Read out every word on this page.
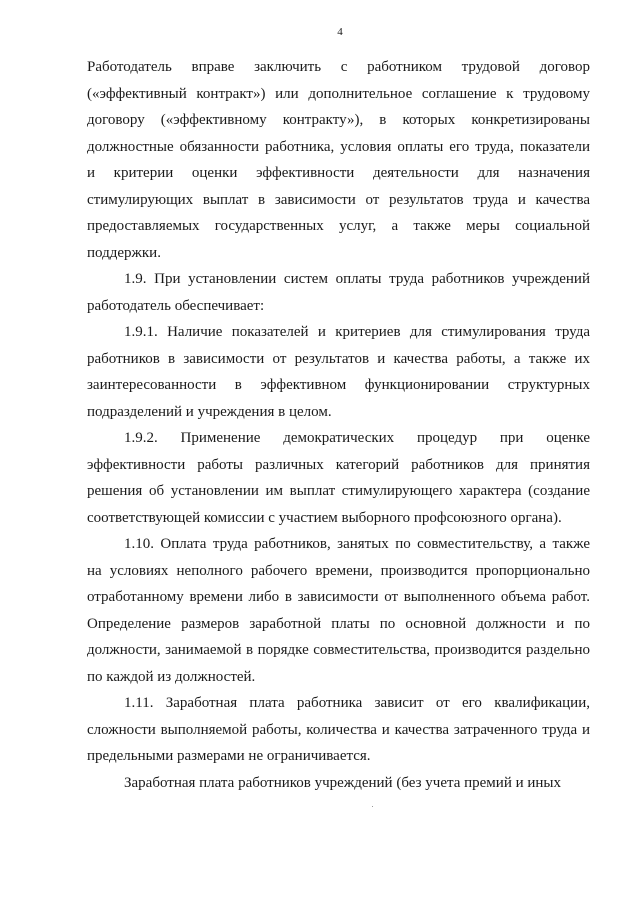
4
Работодатель вправе заключить с работником трудовой договор
(«эффективный контракт») или дополнительное соглашение к трудовому
договору («эффективному контракту»), в которых конкретизированы
должностные обязанности работника, условия оплаты его труда, показатели
и критерии оценки эффективности деятельности для назначения
стимулирующих выплат в зависимости от результатов труда и качества
предоставляемых государственных услуг, а также меры социальной
поддержки.
1.9. При установлении систем оплаты труда работников учреждений
работодатель обеспечивает:
1.9.1. Наличие показателей и критериев для стимулирования труда
работников в зависимости от результатов и качества работы, а также их
заинтересованности в эффективном функционировании структурных
подразделений и учреждения в целом.
1.9.2. Применение демократических процедур при оценке
эффективности работы различных категорий работников для принятия
решения об установлении им выплат стимулирующего характера (создание
соответствующей комиссии с участием выборного профсоюзного органа).
1.10. Оплата труда работников, занятых по совместительству, а также
на условиях неполного рабочего времени, производится пропорционально
отработанному времени либо в зависимости от выполненного объема работ.
Определение размеров заработной платы по основной должности и по
должности, занимаемой в порядке совместительства, производится раздельно
по каждой из должностей.
1.11. Заработная плата работника зависит от его квалификации,
сложности выполняемой работы, количества и качества затраченного труда и
предельными размерами не ограничивается.
Заработная плата работников учреждений (без учета премий и иных
